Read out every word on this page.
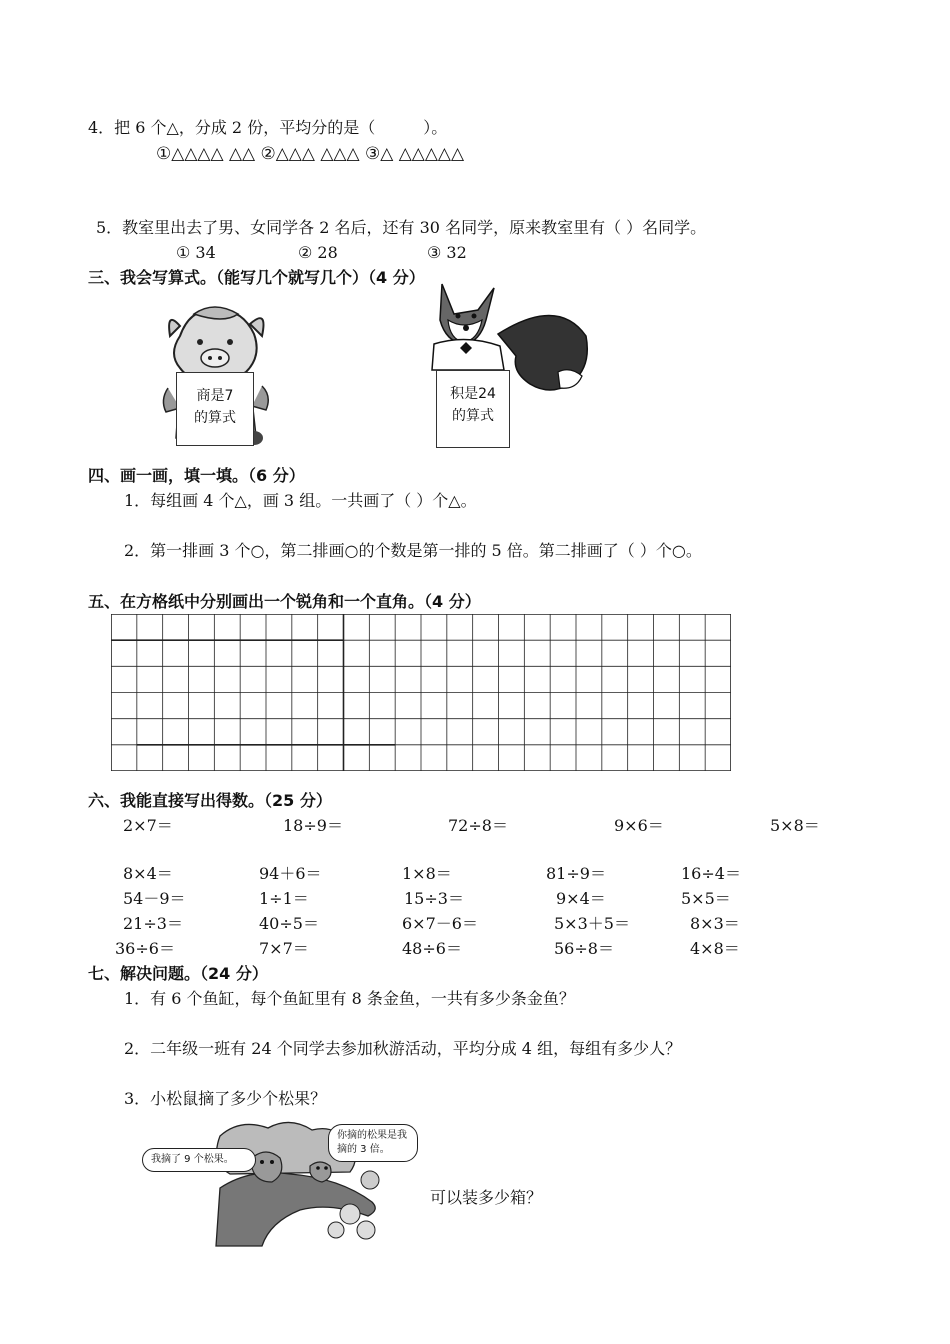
4．把 6 个△，分成 2 份，平均分的是（　　　）。
①△△△△ △△ ②△△△ △△△ ③△ △△△△△
5．教室里出去了男、女同学各 2 名后，还有 30 名同学，原来教室里有（ ）名同学。
① 34	② 28	③ 32
三、我会写算式。（能写几个就写几个）（4 分）
商是7
的算式
积是24
的算式
四、画一画，填一填。（6 分）
1．每组画 4 个△，画 3 组。一共画了（ ）个△。
2．第一排画 3 个○，第二排画○的个数是第一排的 5 倍。第二排画了（ ）个○。
五、在方格纸中分别画出一个锐角和一个直角。（4 分）
六、我能直接写出得数。（25 分）
2×7＝	18÷9＝	72÷8＝	9×6＝	5×8＝
8×4＝	94＋6＝	1×8＝	81÷9＝	16÷4＝
54－9＝	1÷1＝	15÷3＝	9×4＝	5×5＝
21÷3＝	40÷5＝	6×7－6＝	5×3＋5＝	8×3＝
36÷6＝	7×7＝	48÷6＝	56÷8＝	4×8＝
七、解决问题。（24 分）
1．有 6 个鱼缸，每个鱼缸里有 8 条金鱼，一共有多少条金鱼？
2．二年级一班有 24 个同学去参加秋游活动，平均分成 4 组，每组有多少人？
3．小松鼠摘了多少个松果？
我摘了 9 个松果。
你摘的松果是我摘的 3 倍。
可以装多少箱？
